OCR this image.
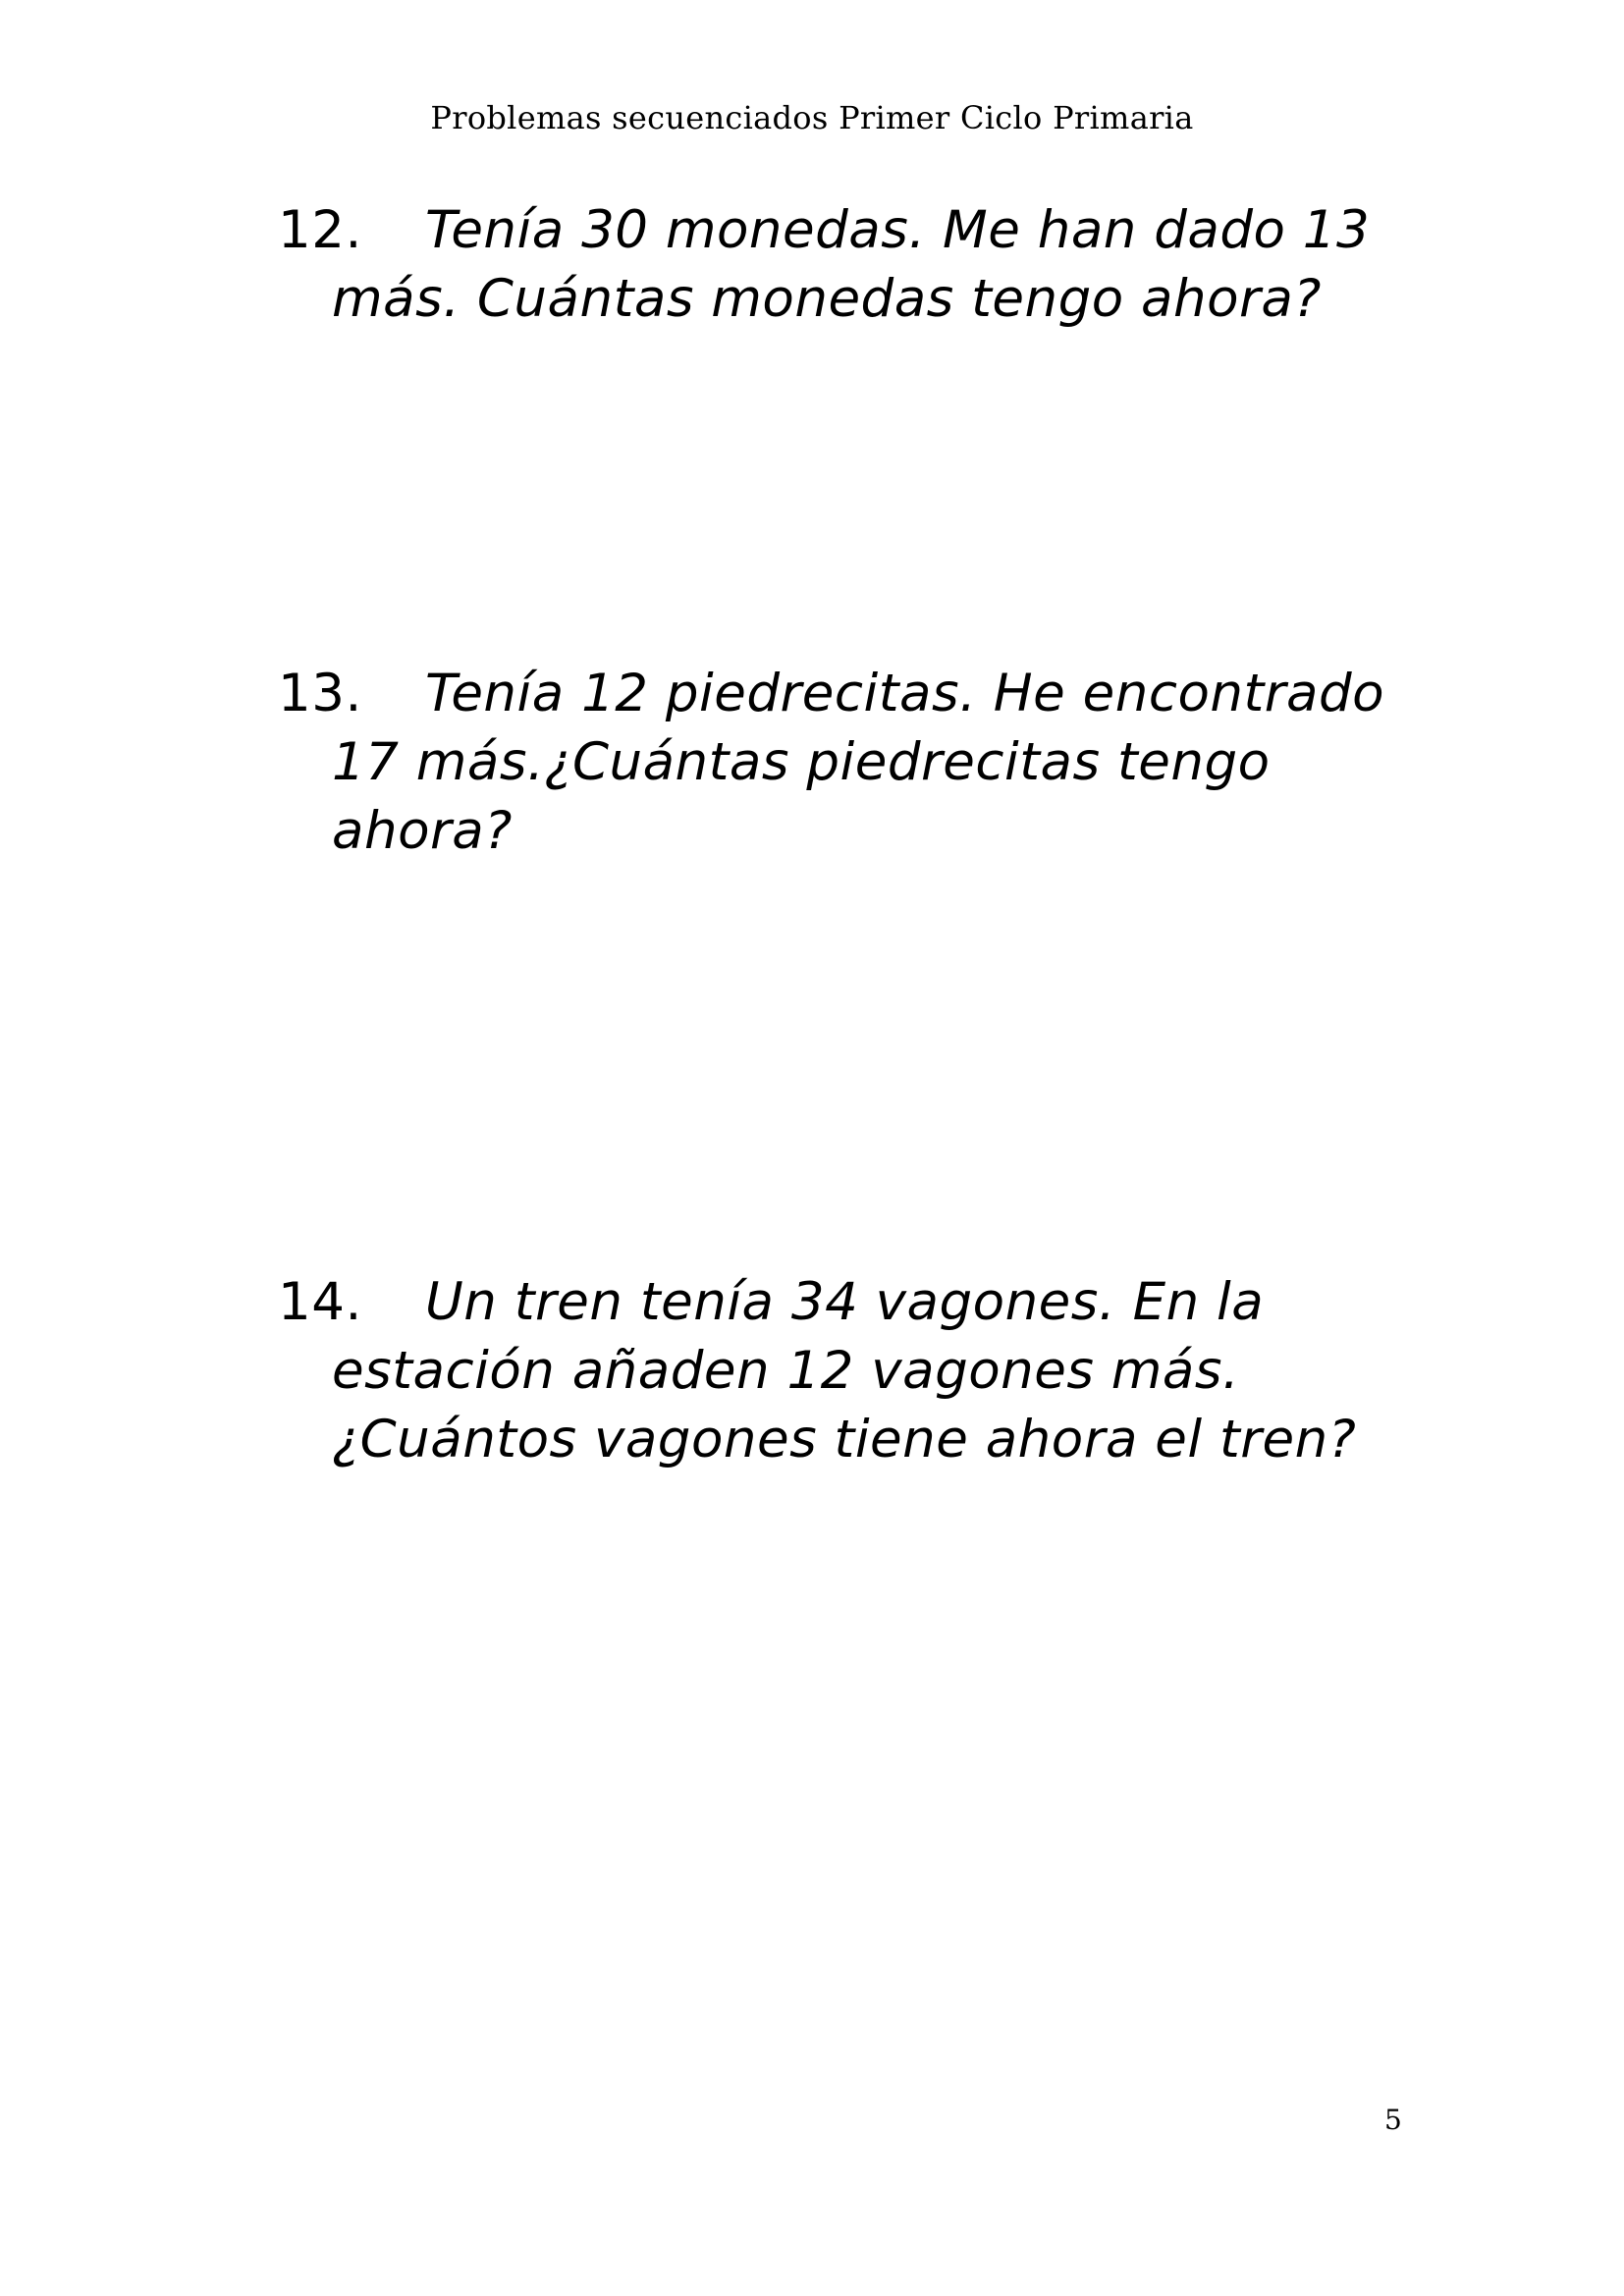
Problemas secuenciados Primer Ciclo Primaria
12.	Tenía 30 monedas. Me han dado 13
más. Cuántas monedas tengo ahora?
13.	Tenía 12 piedrecitas. He encontrado
17 más.¿Cuántas piedrecitas tengo
ahora?
14.	Un tren tenía 34 vagones. En la
estación añaden 12 vagones más.
¿Cuántos vagones tiene ahora el tren?
5
